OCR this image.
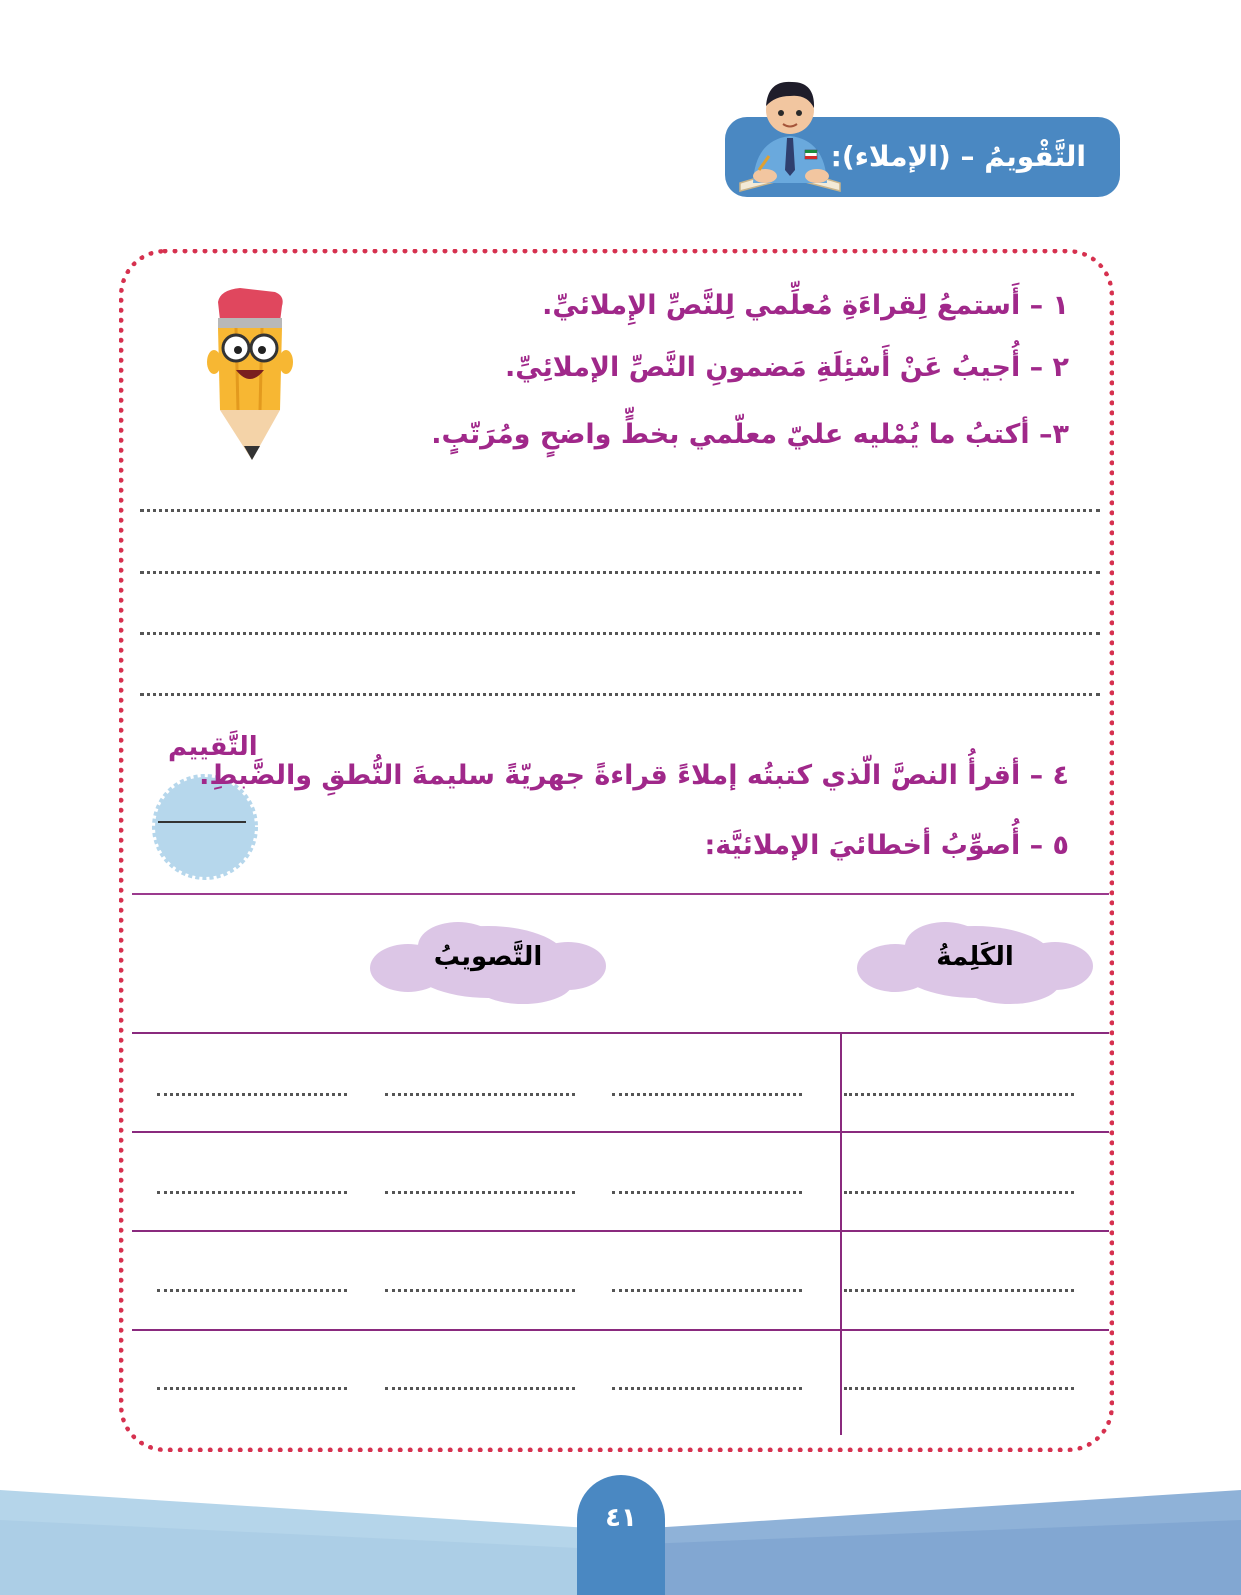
التَّقْويمُ – (الإملاء):
١ – أَستمعُ لِقراءَةِ مُعلِّمي لِلنَّصِّ الإِملائيِّ.
٢ – أُجيبُ عَنْ أَسْئِلَةِ مَضمونِ النَّصِّ الإملائِيِّ.
٣– أكتبُ ما يُمْليه عليّ معلّمي بخطٍّ واضحٍ ومُرَتّبٍ.
التَّقييم
٤ – أقرأُ النصَّ الّذي كتبتُه إملاءً قراءةً جهريّةً سليمةَ النُّطقِ والضَّبطِ.
٥ – أُصوِّبُ أخطائيَ الإملائيَّة:
الكَلِمةُ
التَّصويبُ
٤١
